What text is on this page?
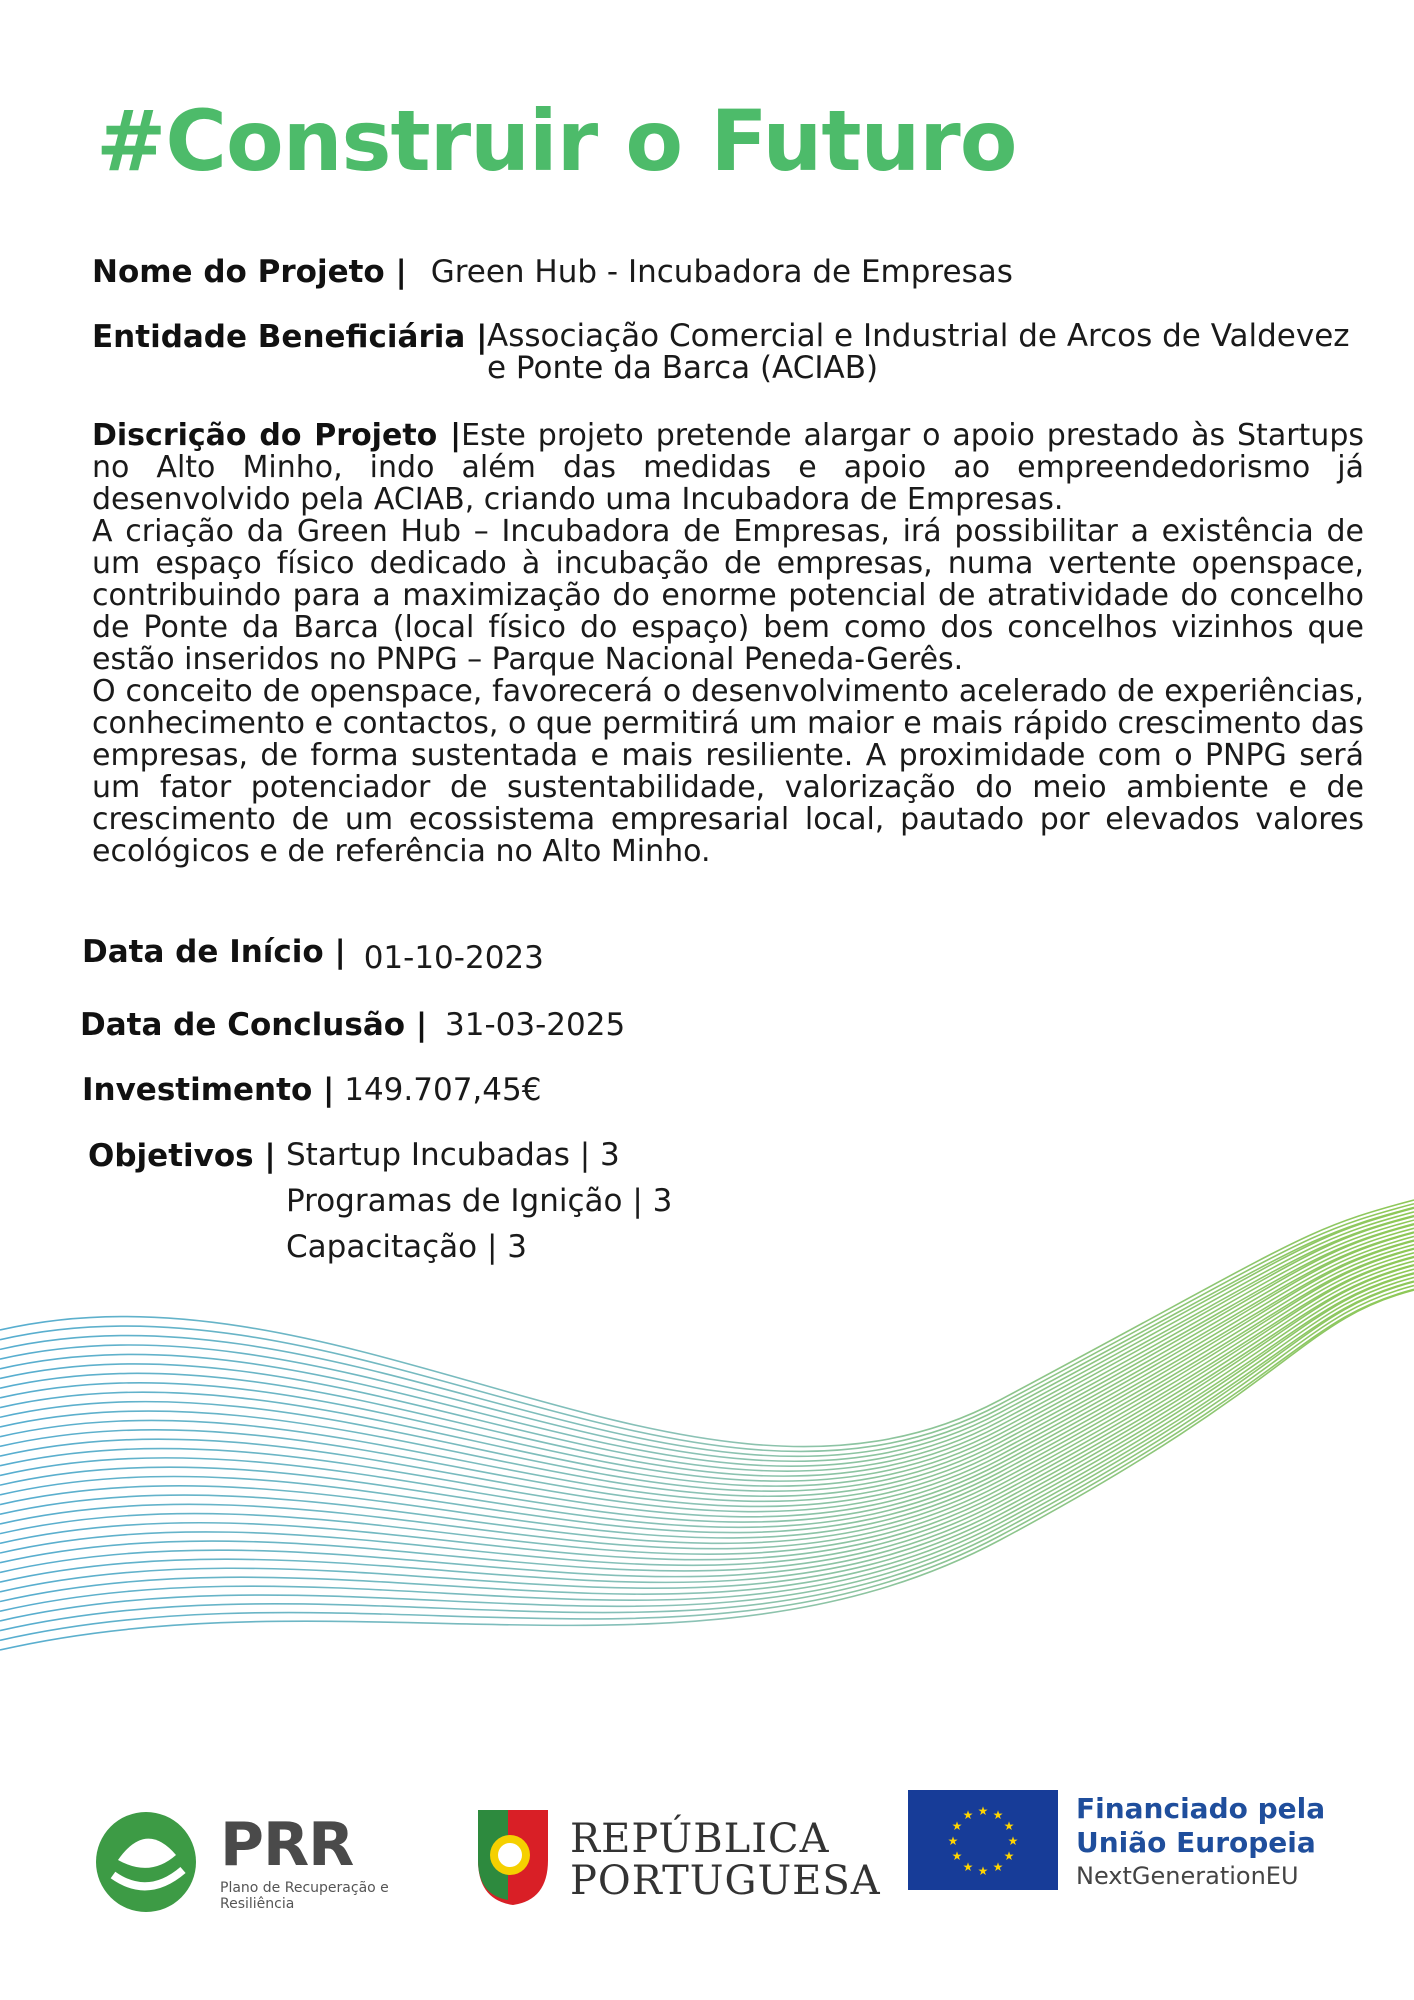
#Construir o Futuro
Nome do Projeto | Green Hub - Incubadora de Empresas
Entidade Beneficiária | Associação Comercial e Industrial de Arcos de Valdevez
e Ponte da Barca (ACIAB)

Discrição do Projeto |Este projeto pretende alargar o apoio prestado às Startups no Alto Minho, indo além das medidas e apoio ao empreendedorismo já desenvolvido pela ACIAB, criando uma Incubadora de Empresas.

A criação da Green Hub – Incubadora de Empresas, irá possibilitar a existência de um espaço físico dedicado à incubação de empresas, numa vertente openspace, contribuindo para a maximização do enorme potencial de atratividade do concelho de Ponte da Barca (local físico do espaço) bem como dos concelhos vizinhos que estão inseridos no PNPG – Parque Nacional Peneda-Gerês.

O conceito de openspace, favorecerá o desenvolvimento acelerado de experiências, conhecimento e contactos, o que permitirá um maior e mais rápido crescimento das empresas, de forma sustentada e mais resiliente. A proximidade com o PNPG será um fator potenciador de sustentabilidade, valorização do meio ambiente e de crescimento de um ecossistema empresarial local, pautado por elevados valores ecológicos e de referência no Alto Minho.

Data de Início | 01-10-2023
Data de Conclusão | 31-03-2025
Investimento | 149.707,45€
Objetivos | Startup Incubadas | 3
Programas de Ignição | 3
Capacitação | 3
PRR
Plano de Recuperação e Resiliência
REPÚBLICA
PORTUGUESA
★
★
★
★
★
★
★
★
★ ★ ★
★
Financiado pela
União Europeia
NextGenerationEU
